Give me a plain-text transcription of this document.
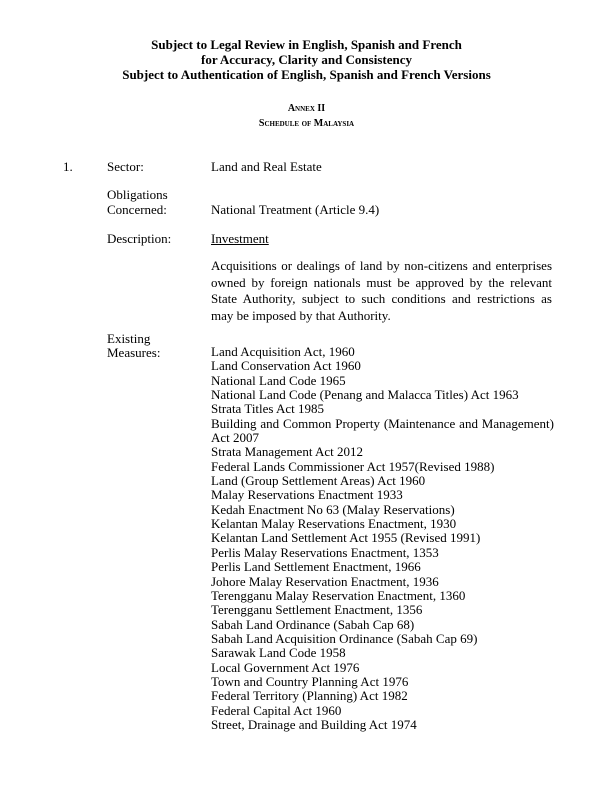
Subject to Legal Review in English, Spanish and French
for Accuracy, Clarity and Consistency
Subject to Authentication of English, Spanish and French Versions
Annex II
Schedule of Malaysia
1.	Sector:	Land and Real Estate
Obligations
Concerned:	National Treatment (Article 9.4)
Description:	Investment
Acquisitions or dealings of land by non-citizens and enterprises owned by foreign nationals must be approved by the relevant State Authority, subject to such conditions and restrictions as may be imposed by that Authority.
Existing
Measures:	Land Acquisition Act, 1960
Land Conservation Act 1960
National Land Code 1965
National Land Code (Penang and Malacca Titles) Act 1963
Strata Titles Act 1985
Building and Common Property (Maintenance and Management) Act 2007
Strata Management Act 2012
Federal Lands Commissioner Act 1957(Revised 1988)
Land (Group Settlement Areas) Act 1960
Malay Reservations Enactment 1933
Kedah Enactment No 63 (Malay Reservations)
Kelantan Malay Reservations Enactment, 1930
Kelantan Land Settlement Act 1955 (Revised 1991)
Perlis Malay Reservations Enactment, 1353
Perlis Land Settlement Enactment, 1966
Johore Malay Reservation Enactment, 1936
Terengganu Malay Reservation Enactment, 1360
Terengganu Settlement Enactment, 1356
Sabah Land Ordinance (Sabah Cap 68)
Sabah Land Acquisition Ordinance (Sabah Cap 69)
Sarawak Land Code 1958
Local Government Act 1976
Town and Country Planning Act 1976
Federal Territory (Planning) Act 1982
Federal Capital Act 1960
Street, Drainage and Building Act 1974
